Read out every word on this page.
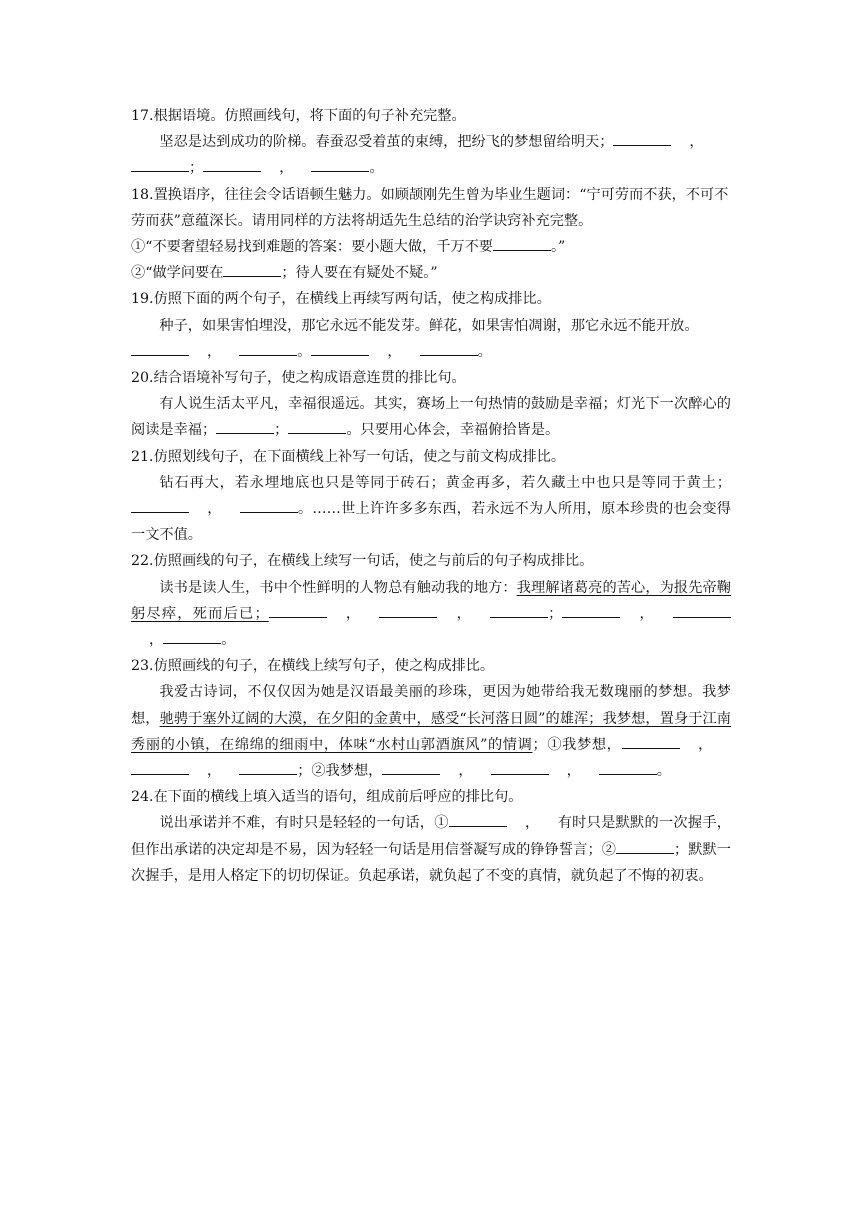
17.根据语境。仿照画线句，将下面的句子补充完整。

坚忍是达到成功的阶梯。春蚕忍受着茧的束缚，把纷飞的梦想留给明天；	，

；	，	。

18.置换语序，往往会令话语顿生魅力。如顾颉刚先生曾为毕业生题词：“宁可劳而不获，不可不劳而获”意蕴深长。请用同样的方法将胡适先生总结的治学诀窍补充完整。

①“不要奢望轻易找到难题的答案：要小题大做，千万不要	。”

②“做学问要在	；待人要在有疑处不疑。”

19.仿照下面的两个句子，在横线上再续写两句话，使之构成排比。

种子，如果害怕埋没，那它永远不能发芽。鲜花，如果害怕凋谢，那它永远不能开放。

，	。	，	。

20.结合语境补写句子，使之构成语意连贯的排比句。

有人说生活太平凡，幸福很遥远。其实，赛场上一句热情的鼓励是幸福；灯光下一次醉心的阅读是幸福；	；	。只要用心体会，幸福俯拾皆是。

21.仿照划线句子，在下面横线上补写一句话，使之与前文构成排比。

钻石再大，若永埋地底也只是等同于砖石；黄金再多，若久藏土中也只是等同于黄土；，	。……世上许许多多东西，若永远不为人所用，原本珍贵的也会变得一文不值。

22.仿照画线的句子，在横线上续写一句话，使之与前后的句子构成排比。

读书是读人生，书中个性鲜明的人物总有触动我的地方：我理解诸葛亮的苦心，为报先帝鞠躬尽瘁，死而后已；	，	，	；	，，	。

23.仿照画线的句子，在横线上续写句子，使之构成排比。

我爱古诗词，不仅仅因为她是汉语最美丽的珍珠，更因为她带给我无数瑰丽的梦想。我梦想，驰骋于塞外辽阔的大漠，在夕阳的金黄中，感受“长河落日圆”的雄浑；我梦想，置身于江南秀丽的小镇，在绵绵的细雨中，体味“水村山郭酒旗风”的情调；①我梦想，	，，	；②我梦想，	，	，	。

24.在下面的横线上填入适当的语句，组成前后呼应的排比句。

说出承诺并不难，有时只是轻轻的一句话，①	， 有时只是默默的一次握手，但作出承诺的决定却是不易，因为轻轻一句话是用信誉凝写成的铮铮誓言；②	；默默一次握手，是用人格定下的切切保证。负起承诺，就负起了不变的真情，就负起了不悔的初衷。
